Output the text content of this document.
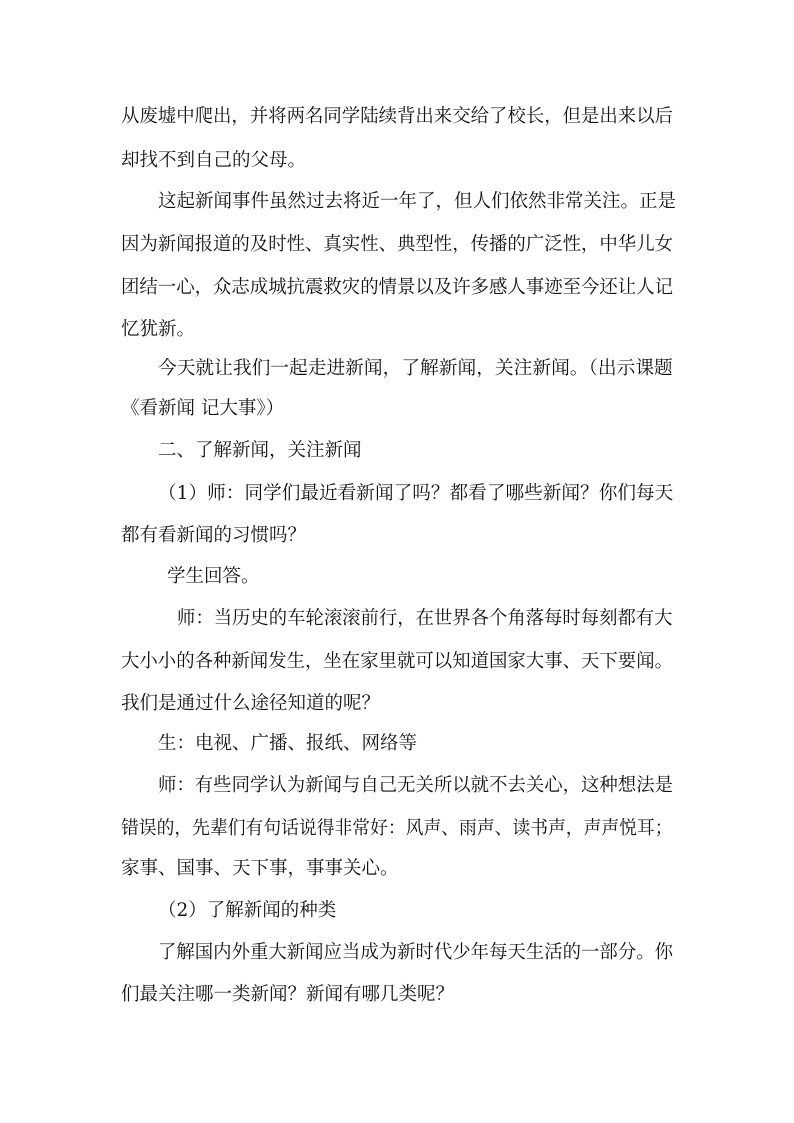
从废墟中爬出，并将两名同学陆续背出来交给了校长，但是出来以后
却找不到自己的父母。
这起新闻事件虽然过去将近一年了，但人们依然非常关注。正是
因为新闻报道的及时性、真实性、典型性，传播的广泛性，中华儿女
团结一心，众志成城抗震救灾的情景以及许多感人事迹至今还让人记
忆犹新。
今天就让我们一起走进新闻，了解新闻，关注新闻。（出示课题
《看新闻 记大事》）
二、了解新闻，关注新闻
（1）师：同学们最近看新闻了吗？都看了哪些新闻？你们每天
都有看新闻的习惯吗？
学生回答。
师：当历史的车轮滚滚前行，在世界各个角落每时每刻都有大
大小小的各种新闻发生，坐在家里就可以知道国家大事、天下要闻。
我们是通过什么途径知道的呢？
生：电视、广播、报纸、网络等
师：有些同学认为新闻与自己无关所以就不去关心，这种想法是
错误的，先辈们有句话说得非常好：风声、雨声、读书声，声声悦耳；
家事、国事、天下事，事事关心。
（2）了解新闻的种类
了解国内外重大新闻应当成为新时代少年每天生活的一部分。你
们最关注哪一类新闻？新闻有哪几类呢？
